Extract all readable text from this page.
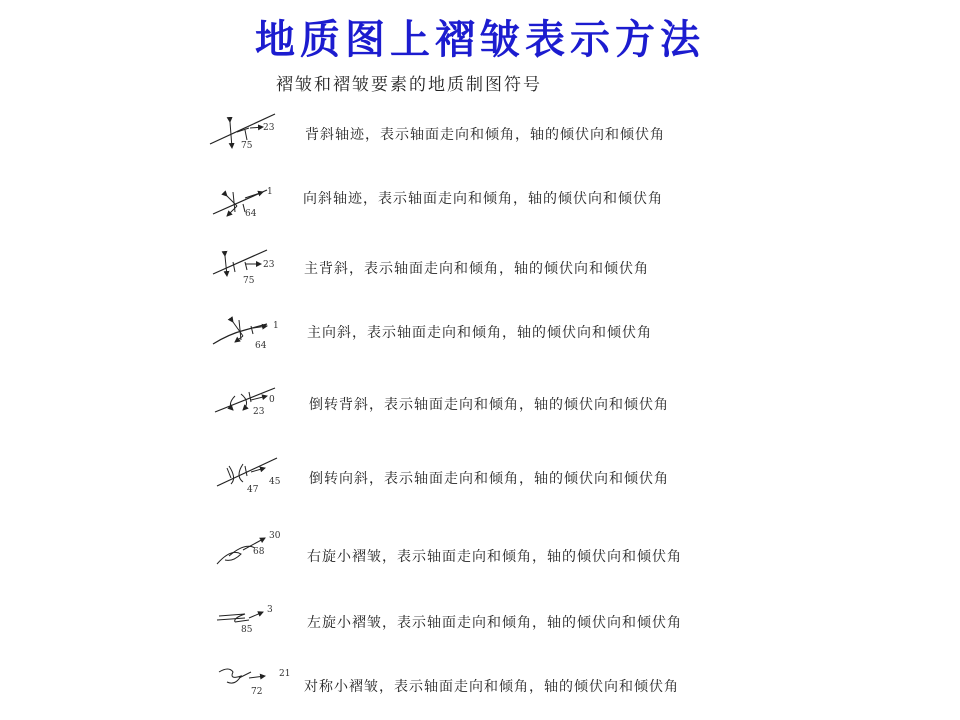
地质图上褶皱表示方法
褶皱和褶皱要素的地质制图符号
23
75
背斜轴迹，表示轴面走向和倾角，轴的倾伏向和倾伏角
1
64
向斜轴迹，表示轴面走向和倾角，轴的倾伏向和倾伏角
23
75
主背斜，表示轴面走向和倾角，轴的倾伏向和倾伏角
1
64
主向斜，表示轴面走向和倾角，轴的倾伏向和倾伏角
0
23	倒转背斜，表示轴面走向和倾角，轴的倾伏向和倾伏角
45
47
倒转向斜，表示轴面走向和倾角，轴的倾伏向和倾伏角
30
68	右旋小褶皱，表示轴面走向和倾角，轴的倾伏向和倾伏角
3
85	左旋小褶皱，表示轴面走向和倾角，轴的倾伏向和倾伏角
21
72	对称小褶皱，表示轴面走向和倾角，轴的倾伏向和倾伏角
